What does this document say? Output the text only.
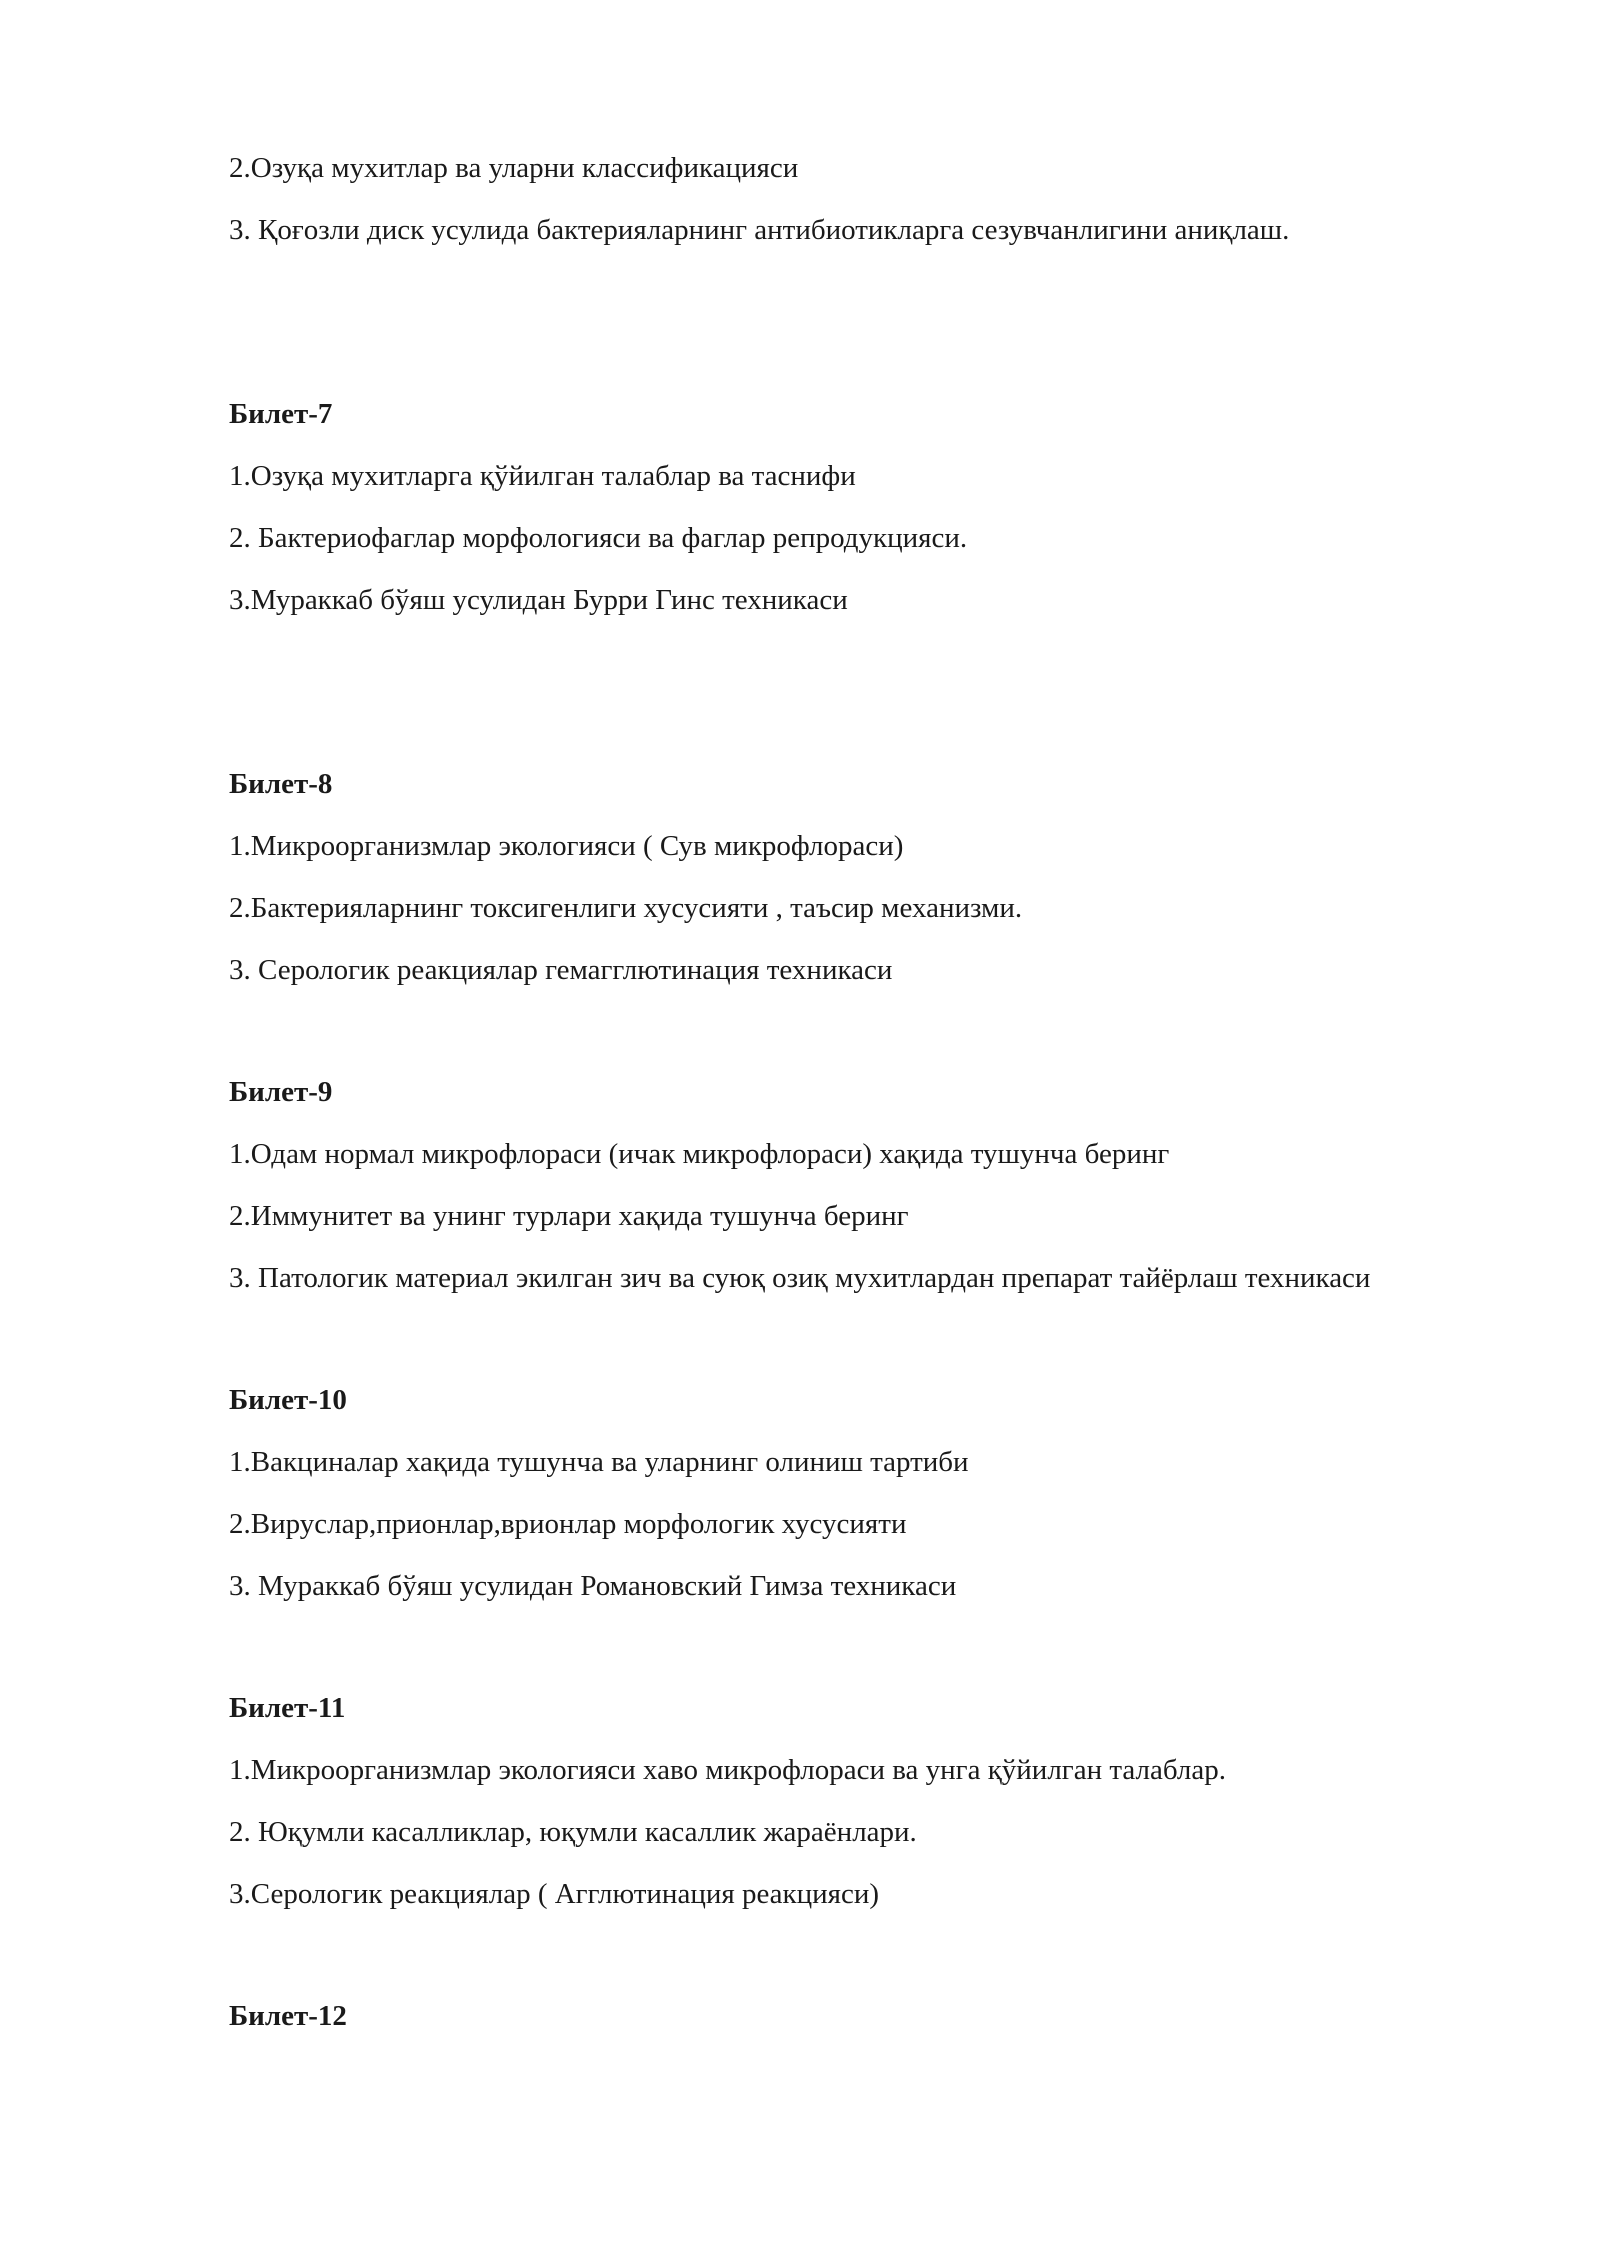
2.Озуқа мухитлар ва уларни классификацияси
3. Қоғозли диск усулида бактерияларнинг антибиотикларга сезувчанлигини аниқлаш.
Билет-7
1.Озуқа мухитларга қўйилган талаблар ва таснифи
2. Бактериофаглар морфологияси ва фаглар репродукцияси.
3.Мураккаб бўяш усулидан Бурри Гинс техникаси
Билет-8
1.Микроорганизмлар экологияси ( Сув микрофлораси)
2.Бактерияларнинг токсигенлиги хусусияти , таъсир механизми.
3. Серологик реакциялар гемагглютинация техникаси
Билет-9
1.Одам нормал микрофлораси (ичак микрофлораси) хақида тушунча беринг
2.Иммунитет ва унинг турлари хақида тушунча беринг
3. Патологик материал экилган зич ва суюқ озиқ мухитлардан препарат тайёрлаш техникаси
Билет-10
1.Вакциналар хақида тушунча ва уларнинг олиниш тартиби
2.Вируслар,прионлар,врионлар морфологик хусусияти
3. Мураккаб бўяш усулидан Романовский Гимза техникаси
Билет-11
1.Микроорганизмлар экологияси хаво микрофлораси ва унга қўйилган талаблар.
2. Юқумли касалликлар, юқумли касаллик жараёнлари.
3.Серологик реакциялар ( Агглютинация реакцияси)
Билет-12
